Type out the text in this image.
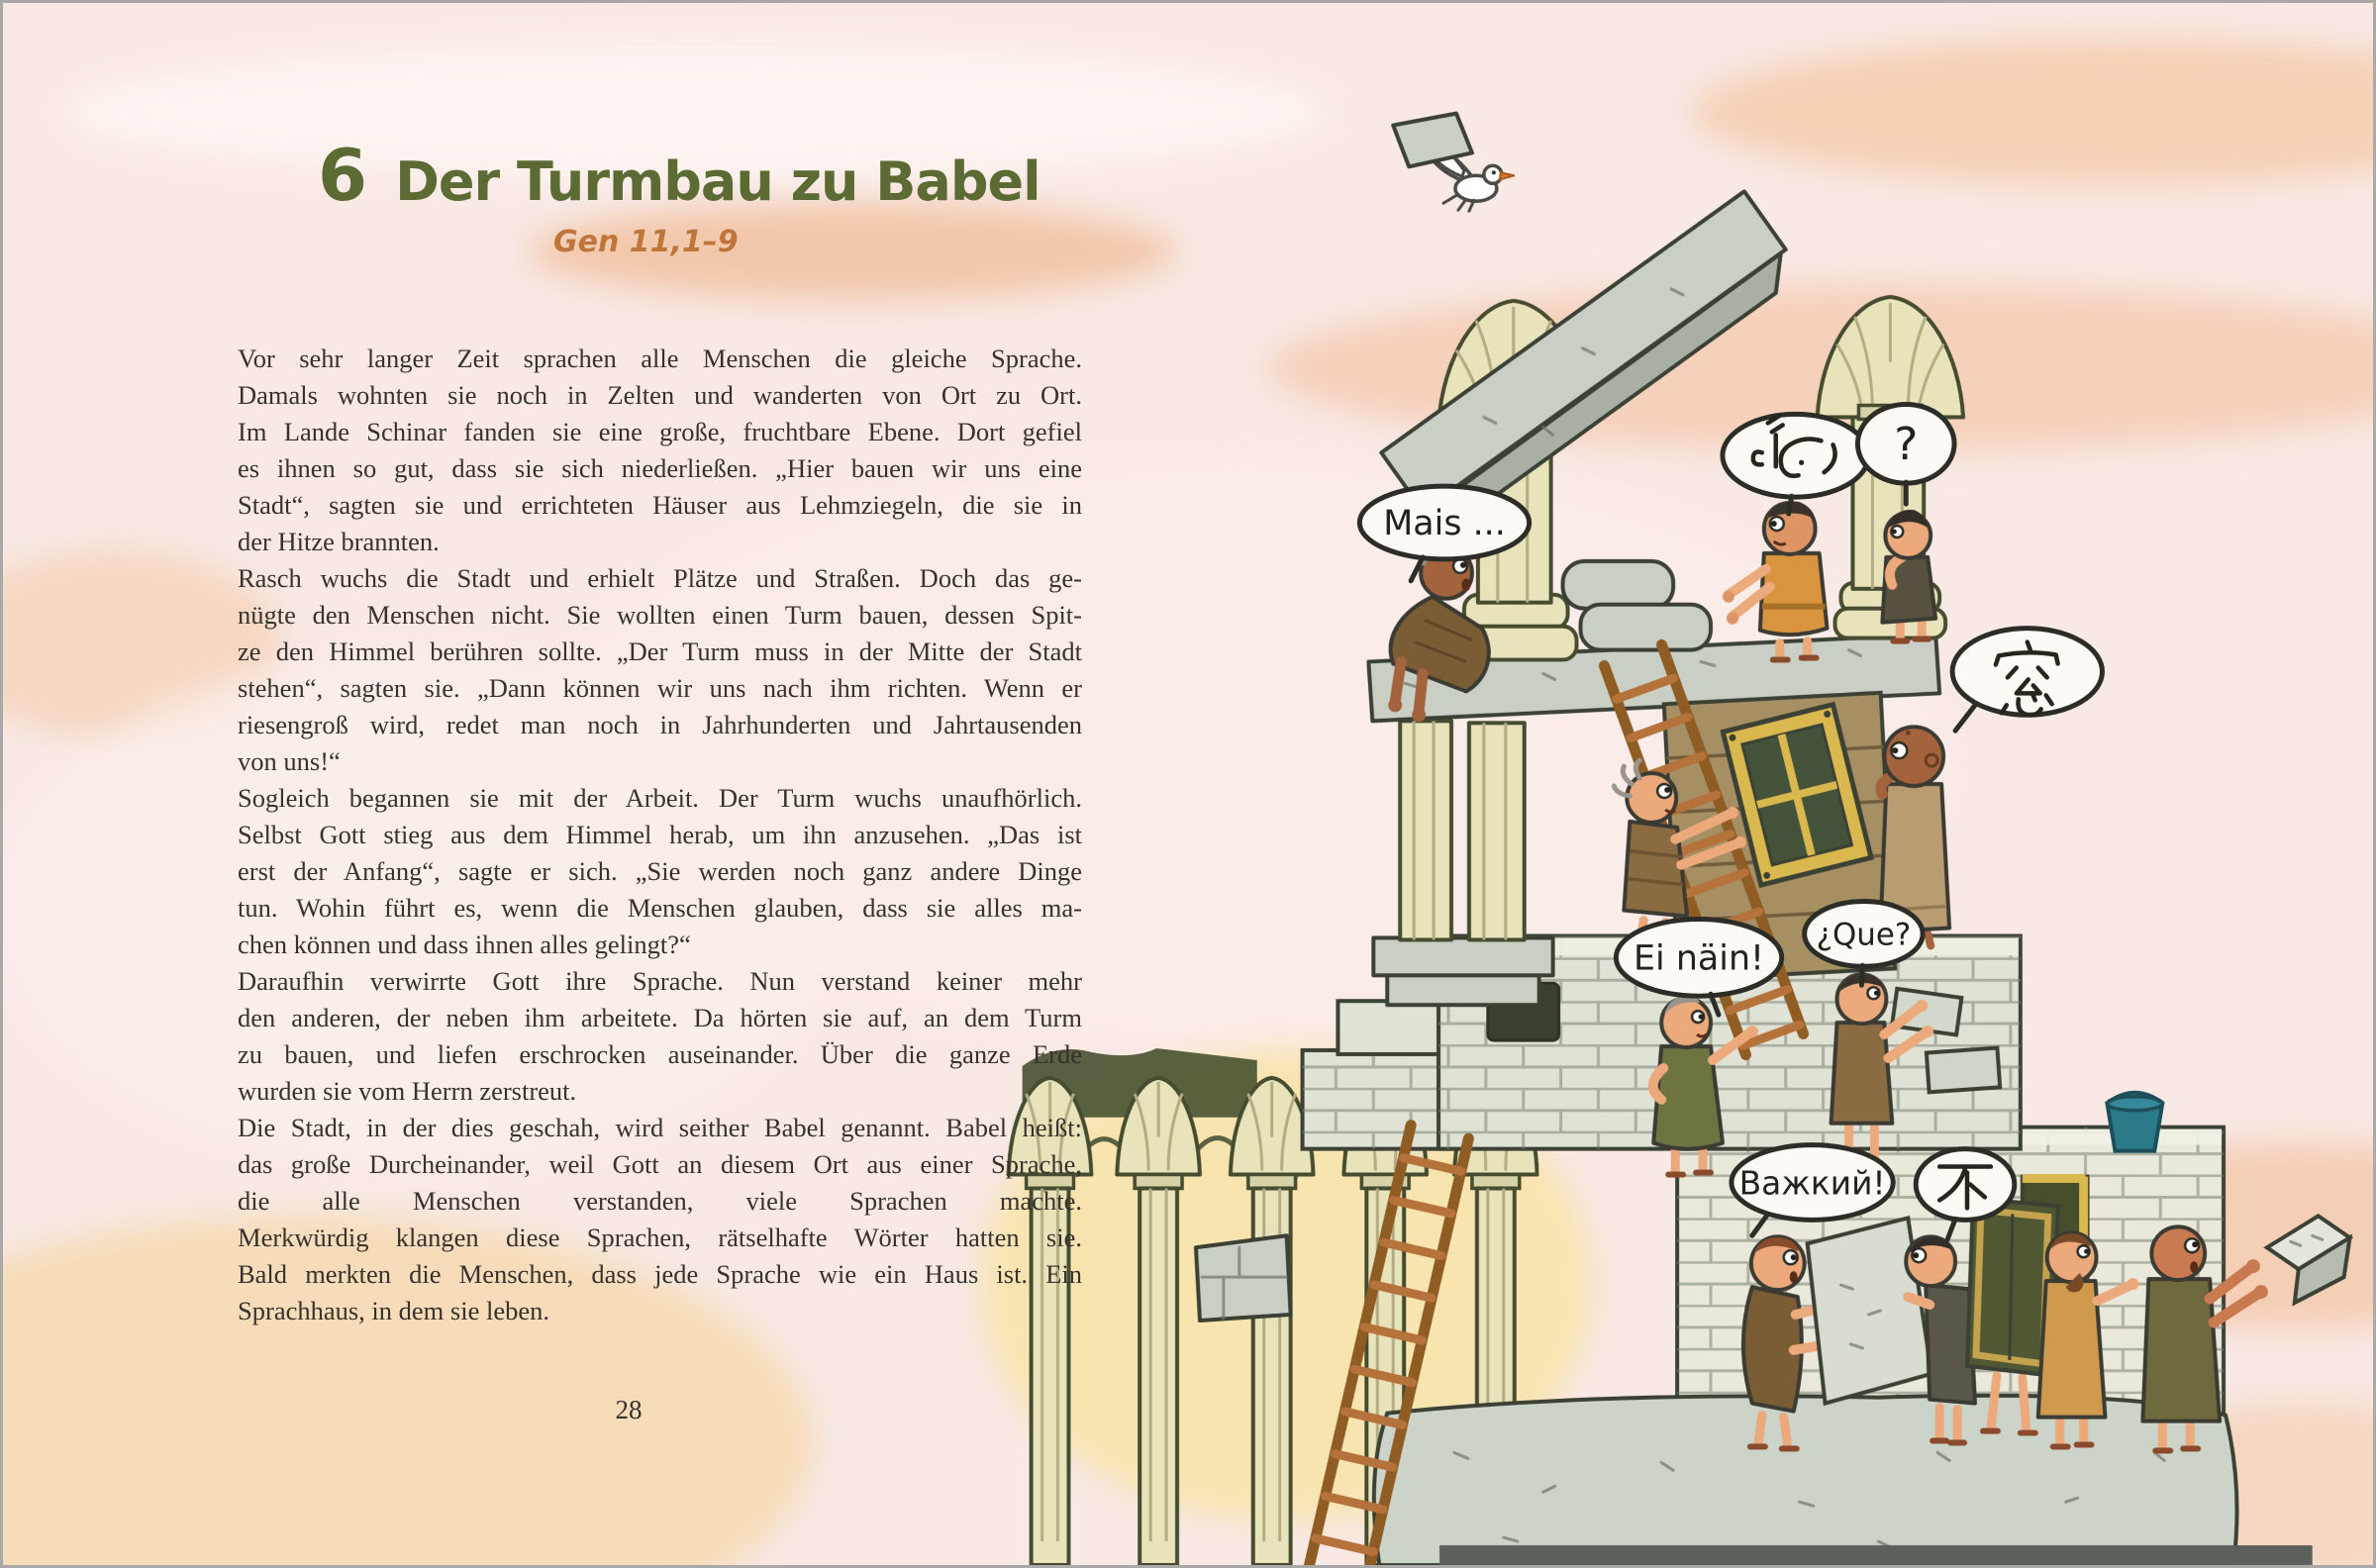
Mais ...
?
Ei näin!
¿Que?
Важкий!
6 Der Turmbau zu Babel
Gen 11,1–9
Vor sehr langer Zeit sprachen alle Menschen die gleiche Sprache.
Damals wohnten sie noch in Zelten und wanderten von Ort zu Ort.
Im Lande Schinar fanden sie eine große, fruchtbare Ebene. Dort gefiel
es ihnen so gut, dass sie sich niederließen. „Hier bauen wir uns eine
Stadt“, sagten sie und errichteten Häuser aus Lehmziegeln, die sie in
der Hitze brannten.
Rasch wuchs die Stadt und erhielt Plätze und Straßen. Doch das ge-
nügte den Menschen nicht. Sie wollten einen Turm bauen, dessen Spit-
ze den Himmel berühren sollte. „Der Turm muss in der Mitte der Stadt
stehen“, sagten sie. „Dann können wir uns nach ihm richten. Wenn er
riesengroß wird, redet man noch in Jahrhunderten und Jahrtausenden
von uns!“
Sogleich begannen sie mit der Arbeit. Der Turm wuchs unaufhörlich.
Selbst Gott stieg aus dem Himmel herab, um ihn anzusehen. „Das ist
erst der Anfang“, sagte er sich. „Sie werden noch ganz andere Dinge
tun. Wohin führt es, wenn die Menschen glauben, dass sie alles ma-
chen können und dass ihnen alles gelingt?“
Daraufhin verwirrte Gott ihre Sprache. Nun verstand keiner mehr
den anderen, der neben ihm arbeitete. Da hörten sie auf, an dem Turm
zu bauen, und liefen erschrocken auseinander. Über die ganze Erde
wurden sie vom Herrn zerstreut.
Die Stadt, in der dies geschah, wird seither Babel genannt. Babel heißt:
das große Durcheinander, weil Gott an diesem Ort aus einer Sprache,
die alle Menschen verstanden, viele Sprachen machte.
Merkwürdig klangen diese Sprachen, rätselhafte Wörter hatten sie.
Bald merkten die Menschen, dass jede Sprache wie ein Haus ist. Ein
Sprachhaus, in dem sie leben.
28
